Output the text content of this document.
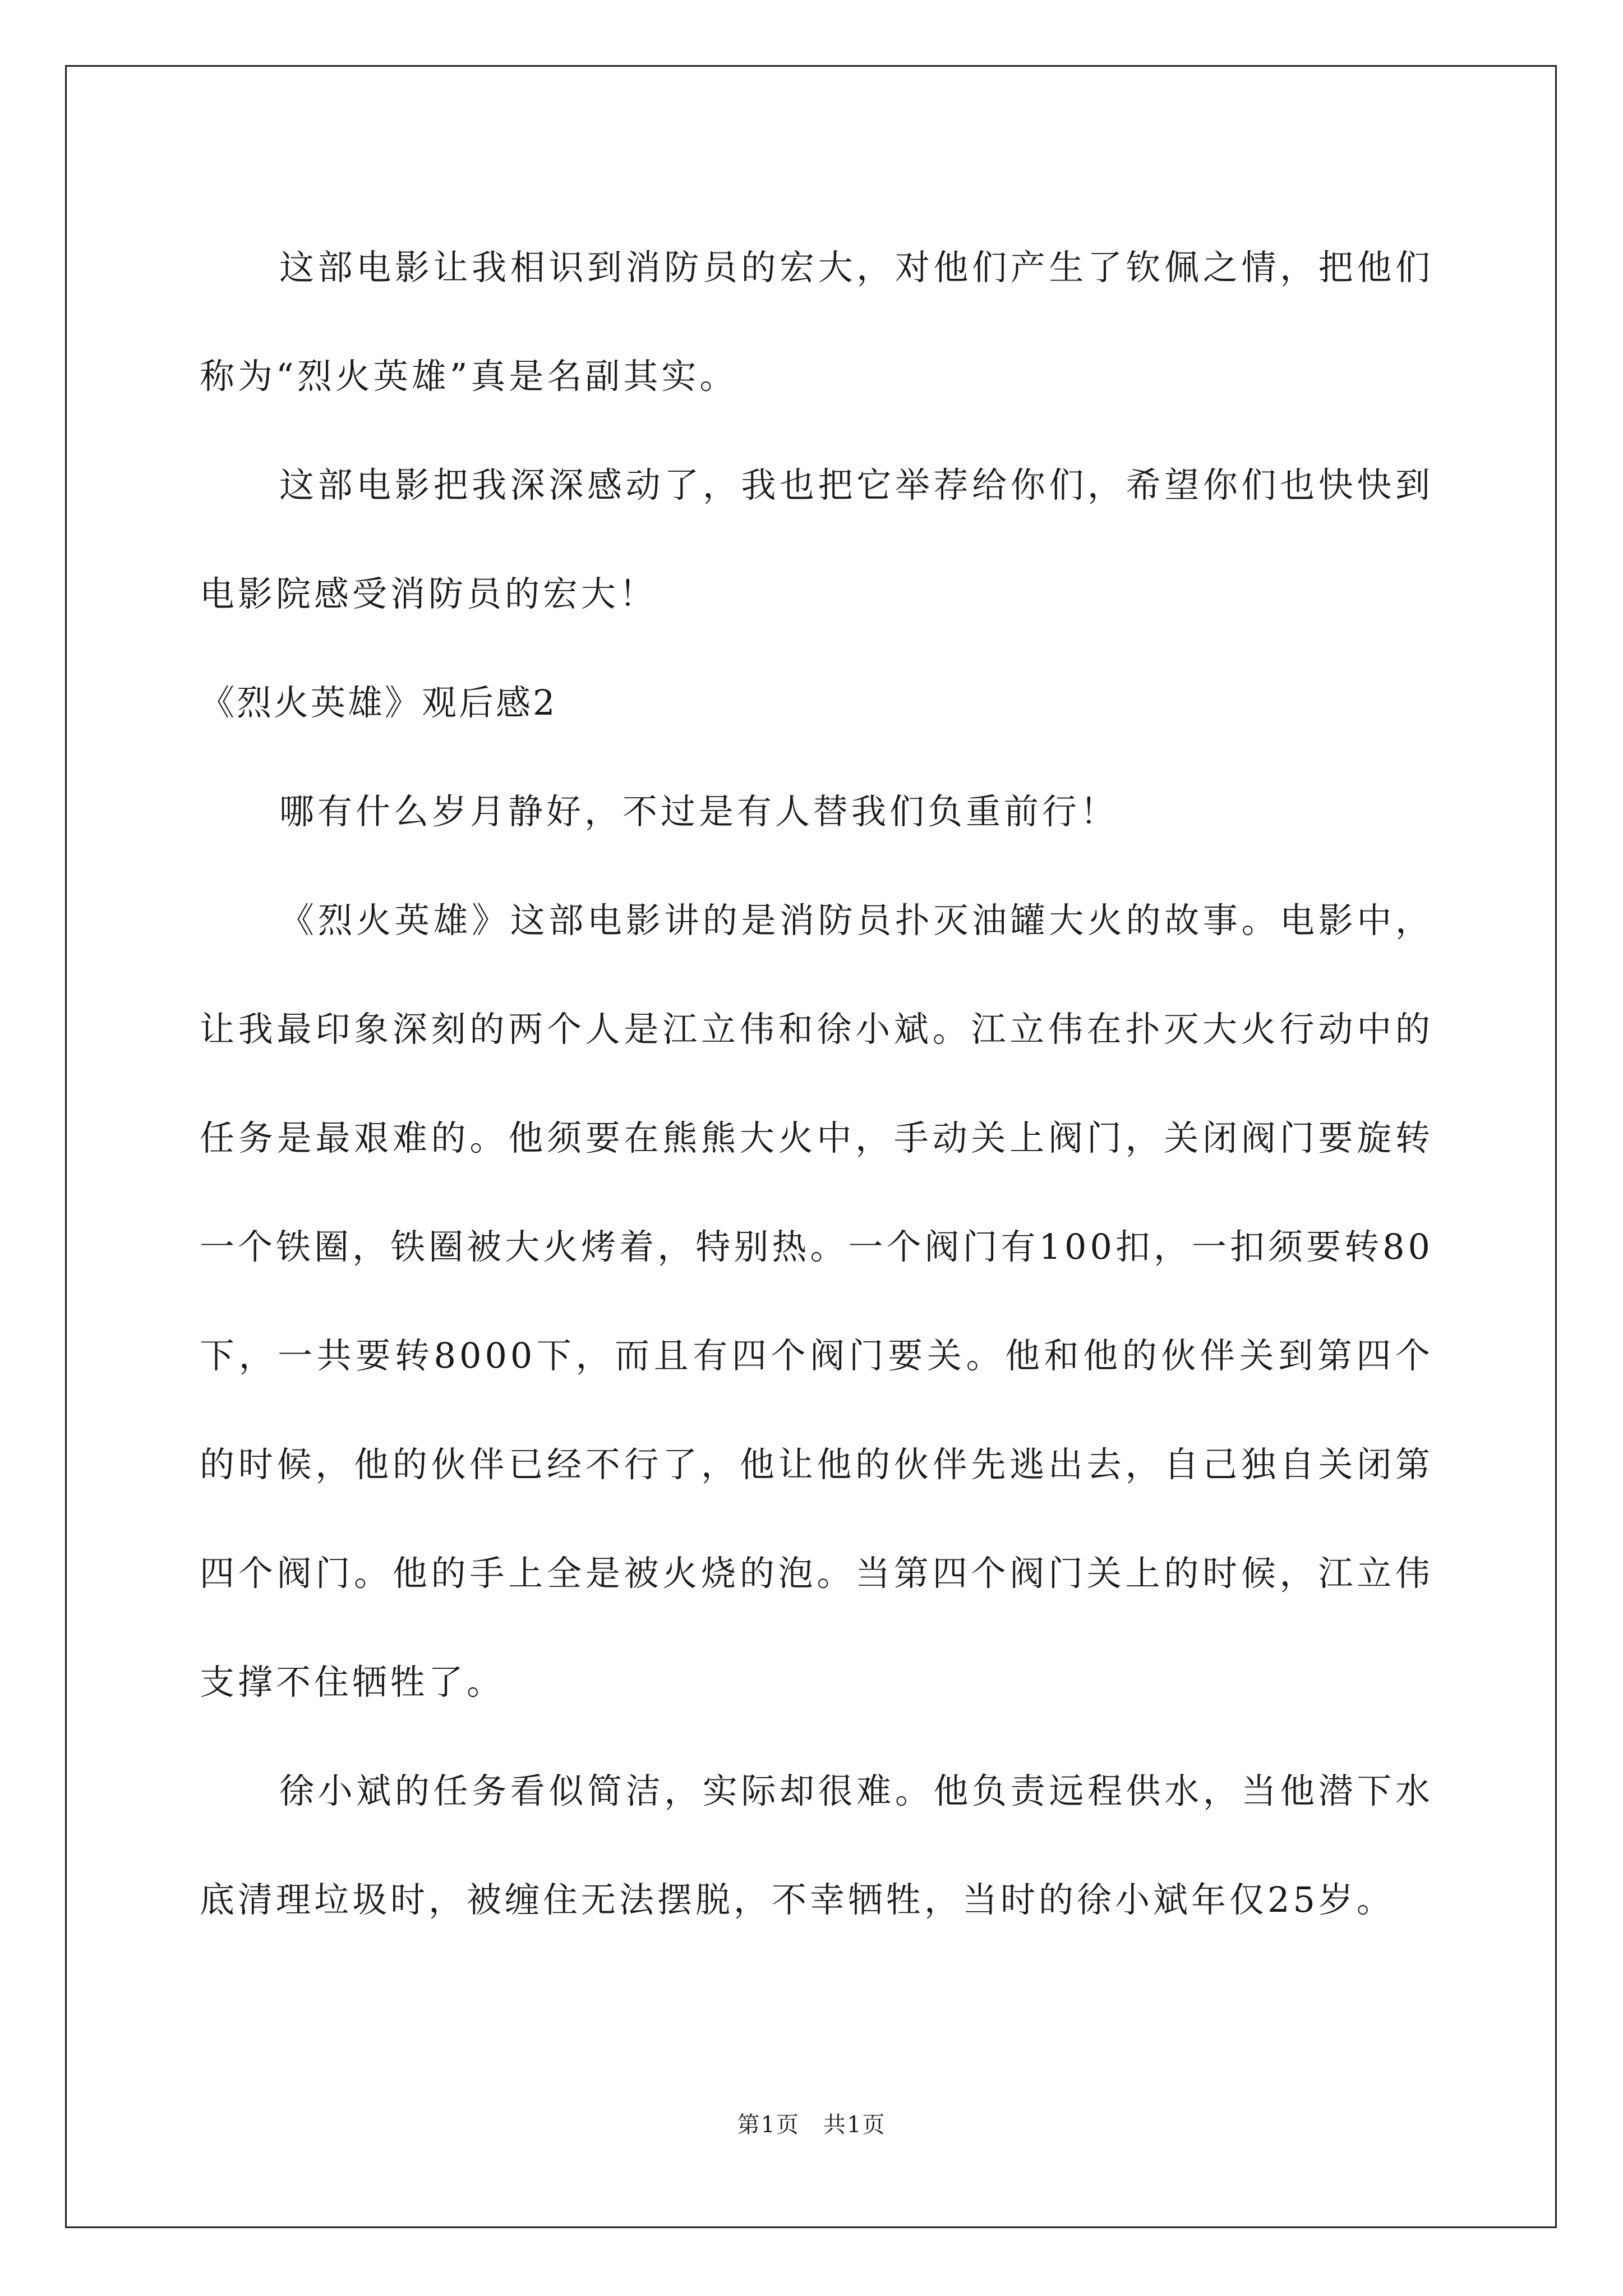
这部电影让我相识到消防员的宏大，对他们产生了钦佩之情，把他们称为“烈火英雄”真是名副其实。

这部电影把我深深感动了，我也把它举荐给你们，希望你们也快快到电影院感受消防员的宏大！

《烈火英雄》观后感2

哪有什么岁月静好，不过是有人替我们负重前行！

《烈火英雄》这部电影讲的是消防员扑灭油罐大火的故事。电影中，让我最印象深刻的两个人是江立伟和徐小斌。江立伟在扑灭大火行动中的任务是最艰难的。他须要在熊熊大火中，手动关上阀门，关闭阀门要旋转一个铁圈，铁圈被大火烤着，特别热。一个阀门有100扣，一扣须要转80下，一共要转8000下，而且有四个阀门要关。他和他的伙伴关到第四个的时候，他的伙伴已经不行了，他让他的伙伴先逃出去，自己独自关闭第四个阀门。他的手上全是被火烧的泡。当第四个阀门关上的时候，江立伟支撑不住牺牲了。

徐小斌的任务看似简洁，实际却很难。他负责远程供水，当他潜下水底清理垃圾时，被缠住无法摆脱，不幸牺牲，当时的徐小斌年仅25岁。

第1页　共1页
